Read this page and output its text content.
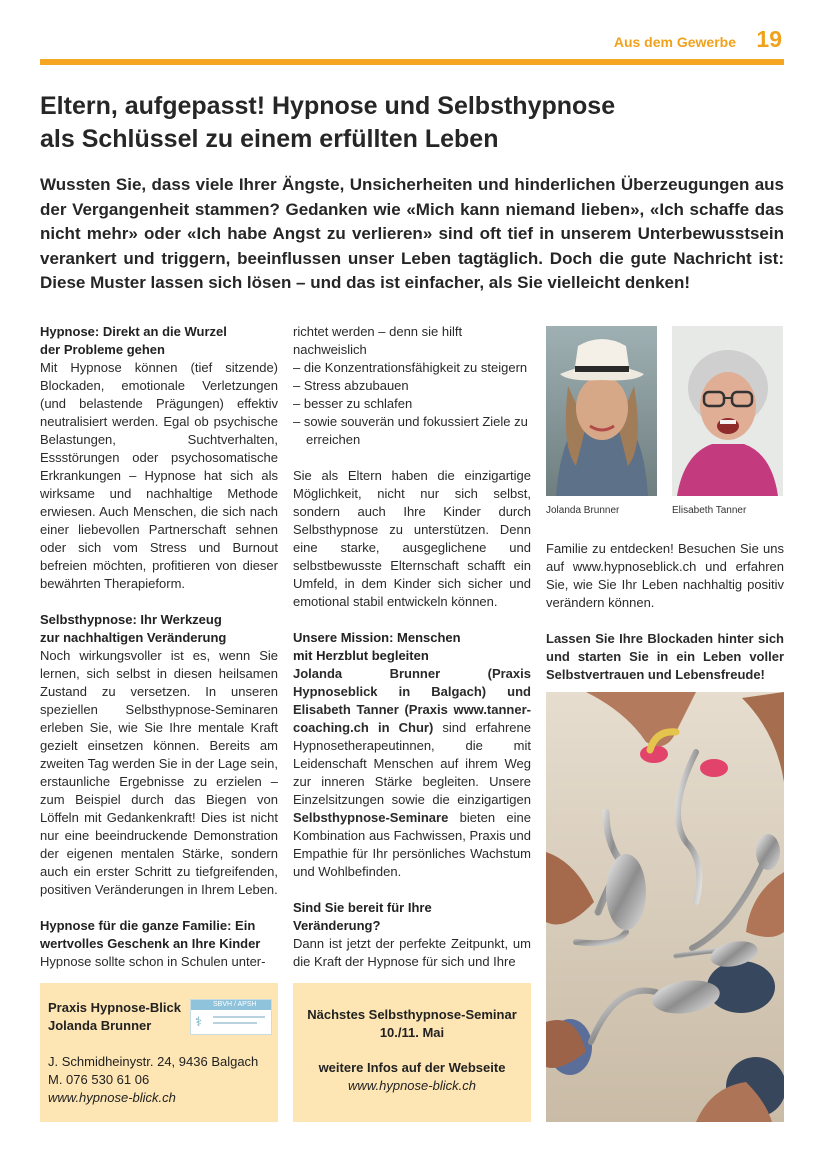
Aus dem Gewerbe 19
Eltern, aufgepasst! Hypnose und Selbsthypnose
als Schlüssel zu einem erfüllten Leben

Wussten Sie, dass viele Ihrer Ängste, Unsicherheiten und hinderlichen Überzeugungen aus der Vergangenheit stammen? Gedanken wie «Mich kann niemand lieben», «Ich schaffe das nicht mehr» oder «Ich habe Angst zu verlieren» sind oft tief in unserem Unterbewusstsein verankert und triggern, beeinflussen unser Leben tagtäglich. Doch die gute Nachricht ist: Diese Muster lassen sich lösen – und das ist einfacher, als Sie vielleicht denken!

Hypnose: Direkt an die Wurzel
der Probleme gehen

Mit Hypnose können (tief sitzende) Blockaden, emotionale Verletzungen (und belastende Prägungen) effektiv neutralisiert werden. Egal ob psychische Belastungen, Suchtverhalten, Essstörungen oder psychosomatische Erkrankungen – Hypnose hat sich als wirksame und nachhaltige Methode erwiesen. Auch Menschen, die sich nach einer liebevollen Partnerschaft sehnen oder sich vom Stress und Burnout befreien möchten, profitieren von dieser bewährten Therapieform.

Selbsthypnose: Ihr Werkzeug
zur nachhaltigen Veränderung

Noch wirkungsvoller ist es, wenn Sie lernen, sich selbst in diesen heilsamen Zustand zu versetzen. In unseren speziellen Selbsthypnose-Seminaren erleben Sie, wie Sie Ihre mentale Kraft gezielt einsetzen können. Bereits am zweiten Tag werden Sie in der Lage sein, erstaunliche Ergebnisse zu erzielen – zum Beispiel durch das Biegen von Löffeln mit Gedankenkraft! Dies ist nicht nur eine beeindruckende Demonstration der eigenen mentalen Stärke, sondern auch ein erster Schritt zu tiefgreifenden, positiven Veränderungen in Ihrem Leben.

Hypnose für die ganze Familie: Ein
wertvolles Geschenk an Ihre Kinder

Hypnose sollte schon in Schulen unter-

richtet werden – denn sie hilft nachweislich

– die Konzentrationsfähigkeit zu steigern
– Stress abzubauen
– besser zu schlafen
– sowie souverän und fokussiert Ziele zu erreichen

Sie als Eltern haben die einzigartige Möglichkeit, nicht nur sich selbst, sondern auch Ihre Kinder durch Selbsthypnose zu unterstützen. Denn eine starke, ausgeglichene und selbstbewusste Elternschaft schafft ein Umfeld, in dem Kinder sich sicher und emotional stabil entwickeln können.

Unsere Mission: Menschen
mit Herzblut begleiten

Jolanda Brunner (Praxis Hypnoseblick in Balgach) und Elisabeth Tanner (Praxis www.tanner-coaching.ch in Chur) sind erfahrene Hypnosetherapeutinnen, die mit Leidenschaft Menschen auf ihrem Weg zur inneren Stärke begleiten. Unsere Einzelsitzungen sowie die einzigartigen Selbsthypnose-Seminare bieten eine Kombination aus Fachwissen, Praxis und Empathie für Ihr persönliches Wachstum und Wohlbefinden.

Sind Sie bereit für Ihre
Veränderung?

Dann ist jetzt der perfekte Zeitpunkt, um die Kraft der Hypnose für sich und Ihre

Jolanda Brunner	Elisabeth Tanner

Familie zu entdecken! Besuchen Sie uns auf www.hypnoseblick.ch und erfahren Sie, wie Sie Ihr Leben nachhaltig positiv verändern können.

Lassen Sie Ihre Blockaden hinter sich und starten Sie in ein Leben voller Selbstvertrauen und Lebensfreude!

Praxis Hypnose-Blick
Jolanda Brunner	⚕
SBVH / APSH
J. Schmidheinystr. 24, 9436 Balgach
M. 076 530 61 06
www.hypnose-blick.ch
Nächstes Selbsthypnose-Seminar
10./11. Mai
weitere Infos auf der Webseite
www.hypnose-blick.ch
